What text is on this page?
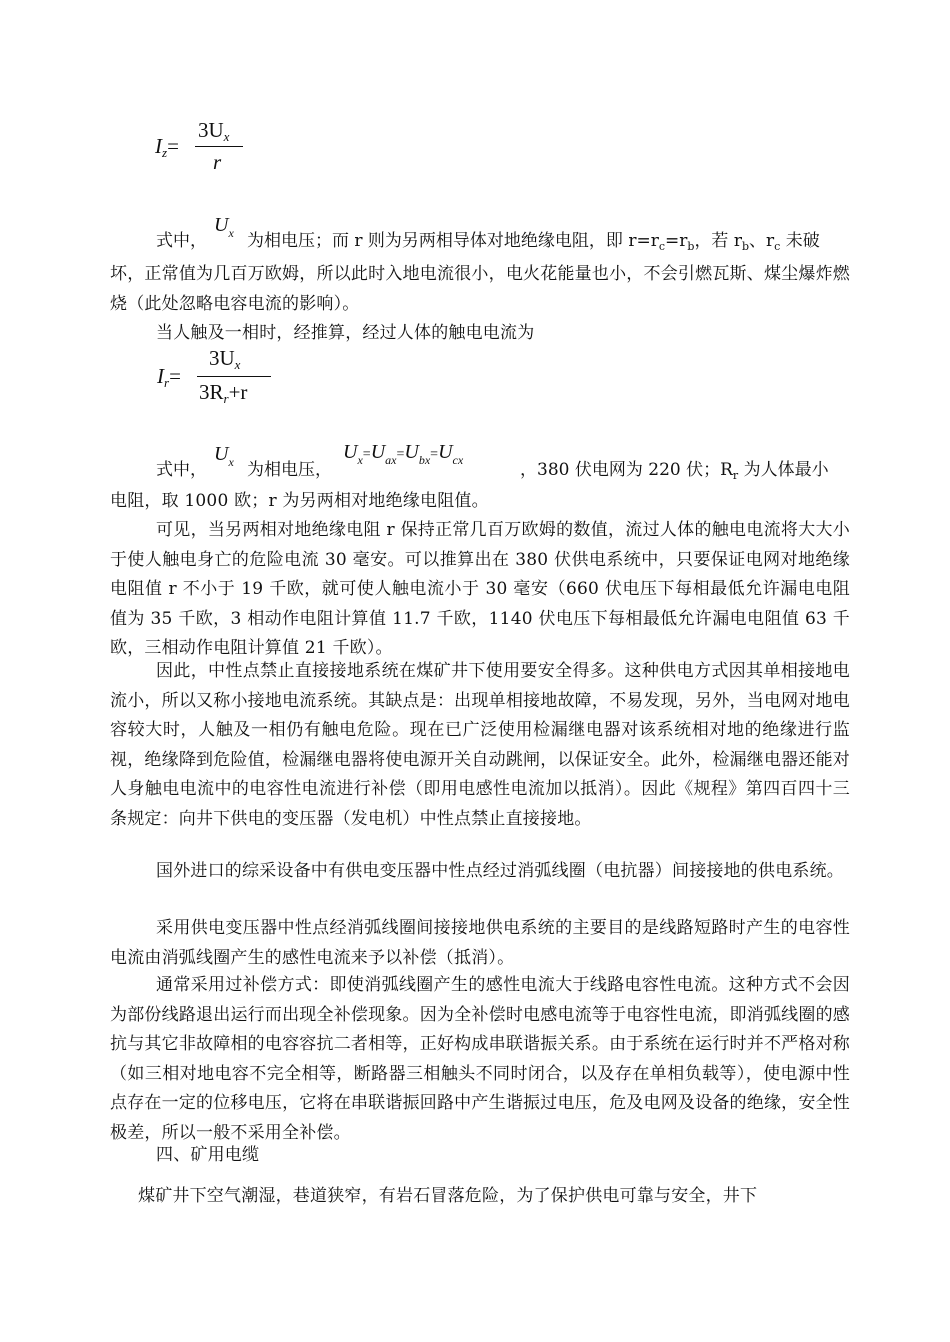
$I_z=$
$3U_x$
r
式中，
$U_x$ 为相电压；而 r 则为另两相导体对地绝缘电阻，即 $r=r_c=r_b$，若 $r_b$、$r_c$ 未破
坏，正常值为几百万欧姆，所以此时入地电流很小，电火花能量也小，不会引燃瓦斯、煤尘爆炸燃烧（此处忽略电容电流的影响）。
当人触及一相时，经推算，经过人体的触电电流为
$I_r=$
$3U_x$
$3R_r+r$
式中，
$U_x$ 为相电压，
$U_x=U_{ax}=U_{bx}=U_{cx}$	，380 伏电网为 220 伏；$R_r$ 为人体最小
电阻，取 1000 欧；r 为另两相对地绝缘电阻值。
可见，当另两相对地绝缘电阻 r 保持正常几百万欧姆的数值，流过人体的触电电流将大大小于使人触电身亡的危险电流 30 毫安。可以推算出在 380 伏供电系统中，只要保证电网对地绝缘电阻值 r 不小于 19 千欧，就可使人触电流小于 30 毫安（660 伏电压下每相最低允许漏电电阻值为 35 千欧，3 相动作电阻计算值 11.7 千欧，1140 伏电压下每相最低允许漏电电阻值 63 千欧，三相动作电阻计算值 21 千欧）。
因此，中性点禁止直接接地系统在煤矿井下使用要安全得多。这种供电方式因其单相接地电流小，所以又称小接地电流系统。其缺点是：出现单相接地故障，不易发现，另外，当电网对地电容较大时，人触及一相仍有触电危险。现在已广泛使用检漏继电器对该系统相对地的绝缘进行监视，绝缘降到危险值，检漏继电器将使电源开关自动跳闸，以保证安全。此外，检漏继电器还能对人身触电电流中的电容性电流进行补偿（即用电感性电流加以抵消）。因此《规程》第四百四十三条规定：向井下供电的变压器（发电机）中性点禁止直接接地。
国外进口的综采设备中有供电变压器中性点经过消弧线圈（电抗器）间接接地的供电系统。
采用供电变压器中性点经消弧线圈间接接地供电系统的主要目的是线路短路时产生的电容性电流由消弧线圈产生的感性电流来予以补偿（抵消）。
通常采用过补偿方式：即使消弧线圈产生的感性电流大于线路电容性电流。这种方式不会因为部份线路退出运行而出现全补偿现象。因为全补偿时电感电流等于电容性电流，即消弧线圈的感抗与其它非故障相的电容容抗二者相等，正好构成串联谐振关系。由于系统在运行时并不严格对称（如三相对地电容不完全相等，断路器三相触头不同时闭合，以及存在单相负载等），使电源中性点存在一定的位移电压，它将在串联谐振回路中产生谐振过电压，危及电网及设备的绝缘，安全性极差，所以一般不采用全补偿。
四、矿用电缆
煤矿井下空气潮湿，巷道狭窄，有岩石冒落危险，为了保护供电可靠与安全，井下
